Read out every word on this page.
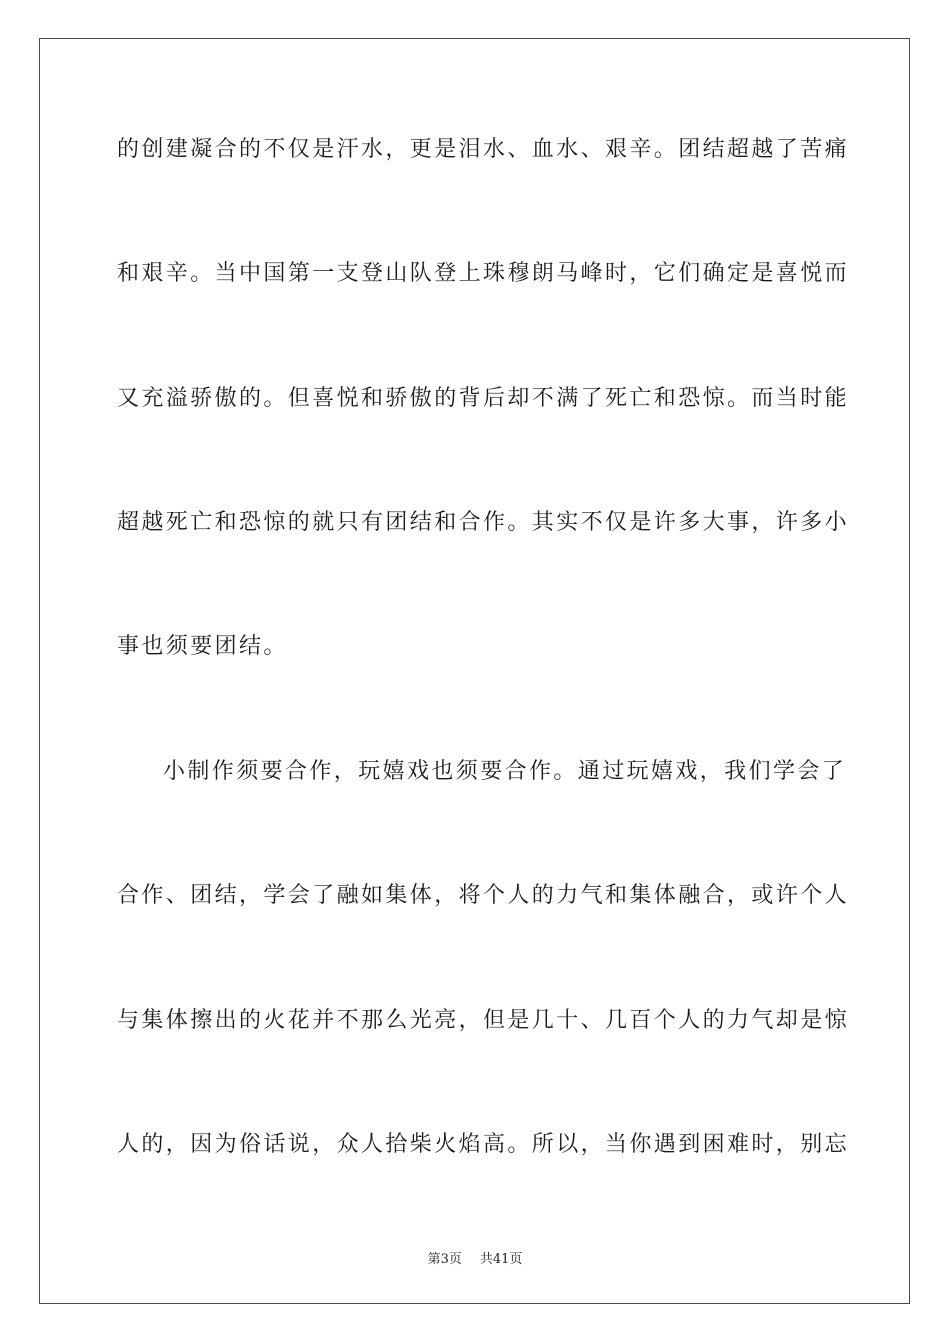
的创建凝合的不仅是汗水，更是泪水、血水、艰辛。团结超越了苦痛
和艰辛。当中国第一支登山队登上珠穆朗马峰时，它们确定是喜悦而
又充溢骄傲的。但喜悦和骄傲的背后却不满了死亡和恐惊。而当时能
超越死亡和恐惊的就只有团结和合作。其实不仅是许多大事，许多小
事也须要团结。
小制作须要合作，玩嬉戏也须要合作。通过玩嬉戏，我们学会了
合作、团结，学会了融如集体，将个人的力气和集体融合，或许个人
与集体擦出的火花并不那么光亮，但是几十、几百个人的力气却是惊
人的，因为俗话说，众人拾柴火焰高。所以，当你遇到困难时，别忘
第3页 共41页
